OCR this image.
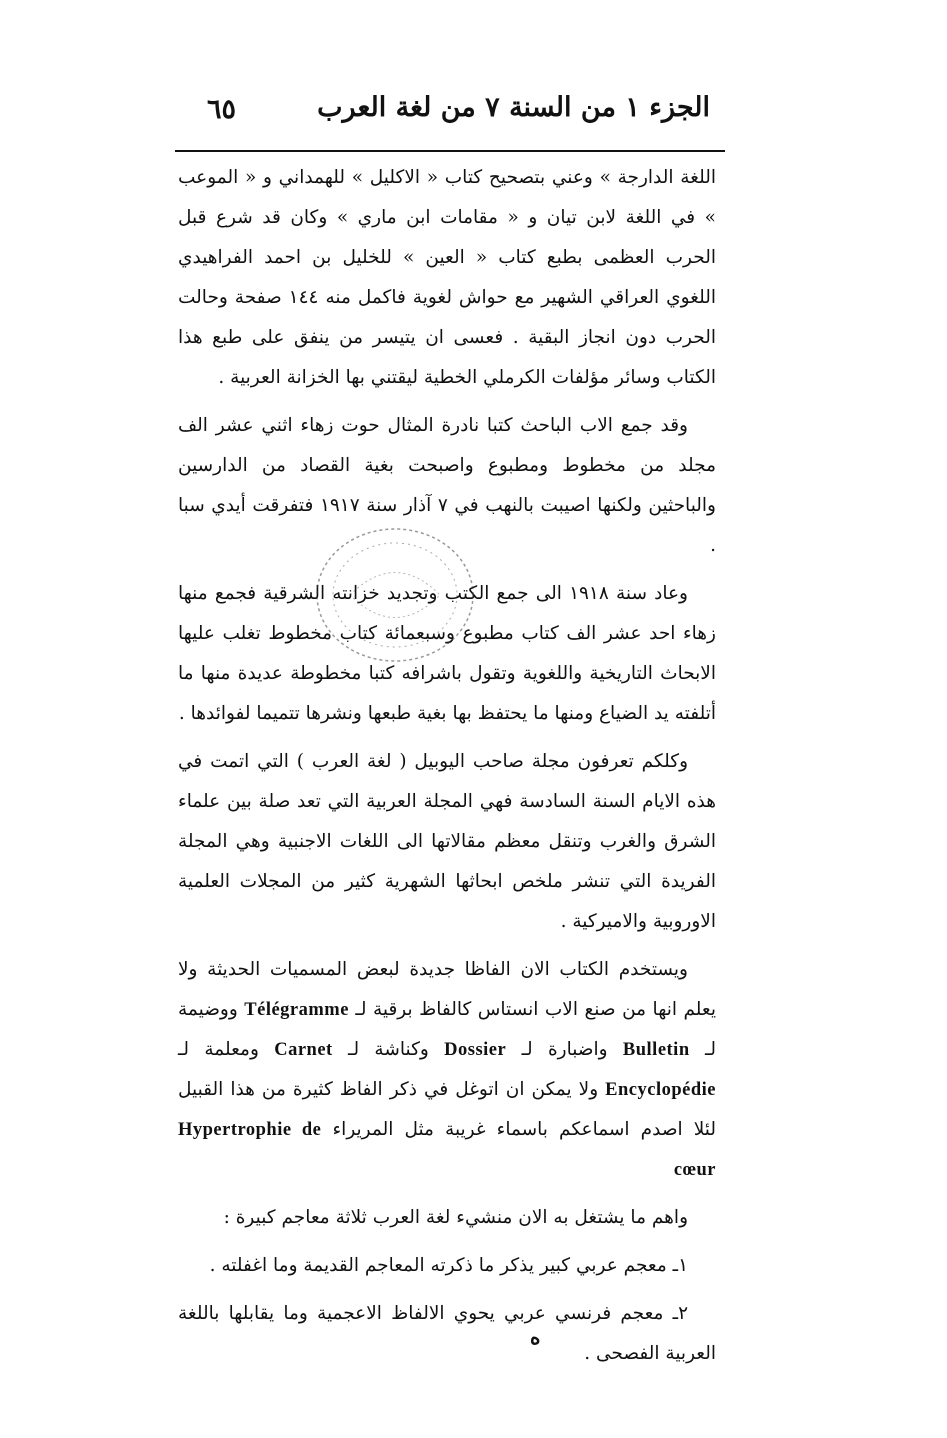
الجزء ١ من السنة ٧ من لغة العرب
٦٥

اللغة الدارجة » وعني بتصحيح كتاب « الاكليل » للهمداني و « الموعب » في اللغة لابن تيان و « مقامات ابن ماري » وكان قد شرع قبل الحرب العظمى بطبع كتاب « العين » للخليل بن احمد الفراهيدي اللغوي العراقي الشهير مع حواش لغوية فاكمل منه ١٤٤ صفحة وحالت الحرب دون انجاز البقية . فعسى ان يتيسر من ينفق على طبع هذا الكتاب وسائر مؤلفات الكرملي الخطية ليقتني بها الخزانة العربية .

وقد جمع الاب الباحث كتبا نادرة المثال حوت زهاء اثني عشر الف مجلد من مخطوط ومطبوع واصبحت بغية القصاد من الدارسين والباحثين ولكنها اصيبت بالنهب في ٧ آذار سنة ١٩١٧ فتفرقت أيدي سبا .

وعاد سنة ١٩١٨ الى جمع الكتب وتجديد خزانته الشرقية فجمع منها زهاء احد عشر الف كتاب مطبوع وسبعمائة كتاب مخطوط تغلب عليها الابحاث التاريخية واللغوية وتقول باشرافه كتبا مخطوطة عديدة منها ما أتلفته يد الضياع ومنها ما يحتفظ بها بغية طبعها ونشرها تتميما لفوائدها .

وكلكم تعرفون مجلة صاحب اليوبيل ( لغة العرب ) التي اتمت في هذه الايام السنة السادسة فهي المجلة العربية التي تعد صلة بين علماء الشرق والغرب وتنقل معظم مقالاتها الى اللغات الاجنبية وهي المجلة الفريدة التي تنشر ملخص ابحاثها الشهرية كثير من المجلات العلمية الاوروبية والاميركية .

ويستخدم الكتاب الان الفاظا جديدة لبعض المسميات الحديثة ولا يعلم انها من صنع الاب انستاس كالفاظ برقية لـ Télégramme ووضيمة لـ Bulletin واضبارة لـ Dossier وكناشة لـ Carnet ومعلمة لـ Encyclopédie ولا يمكن ان اتوغل في ذكر الفاظ كثيرة من هذا القبيل لئلا اصدم اسماعكم باسماء غريبة مثل المريراء Hypertrophie de cœur

واهم ما يشتغل به الان منشيء لغة العرب ثلاثة معاجم كبيرة :

١ـ معجم عربي كبير يذكر ما ذكرته المعاجم القديمة وما اغفلته .

٢ـ معجم فرنسي عربي يحوي الالفاظ الاعجمية وما يقابلها باللغة العربية الفصحى .

ه
